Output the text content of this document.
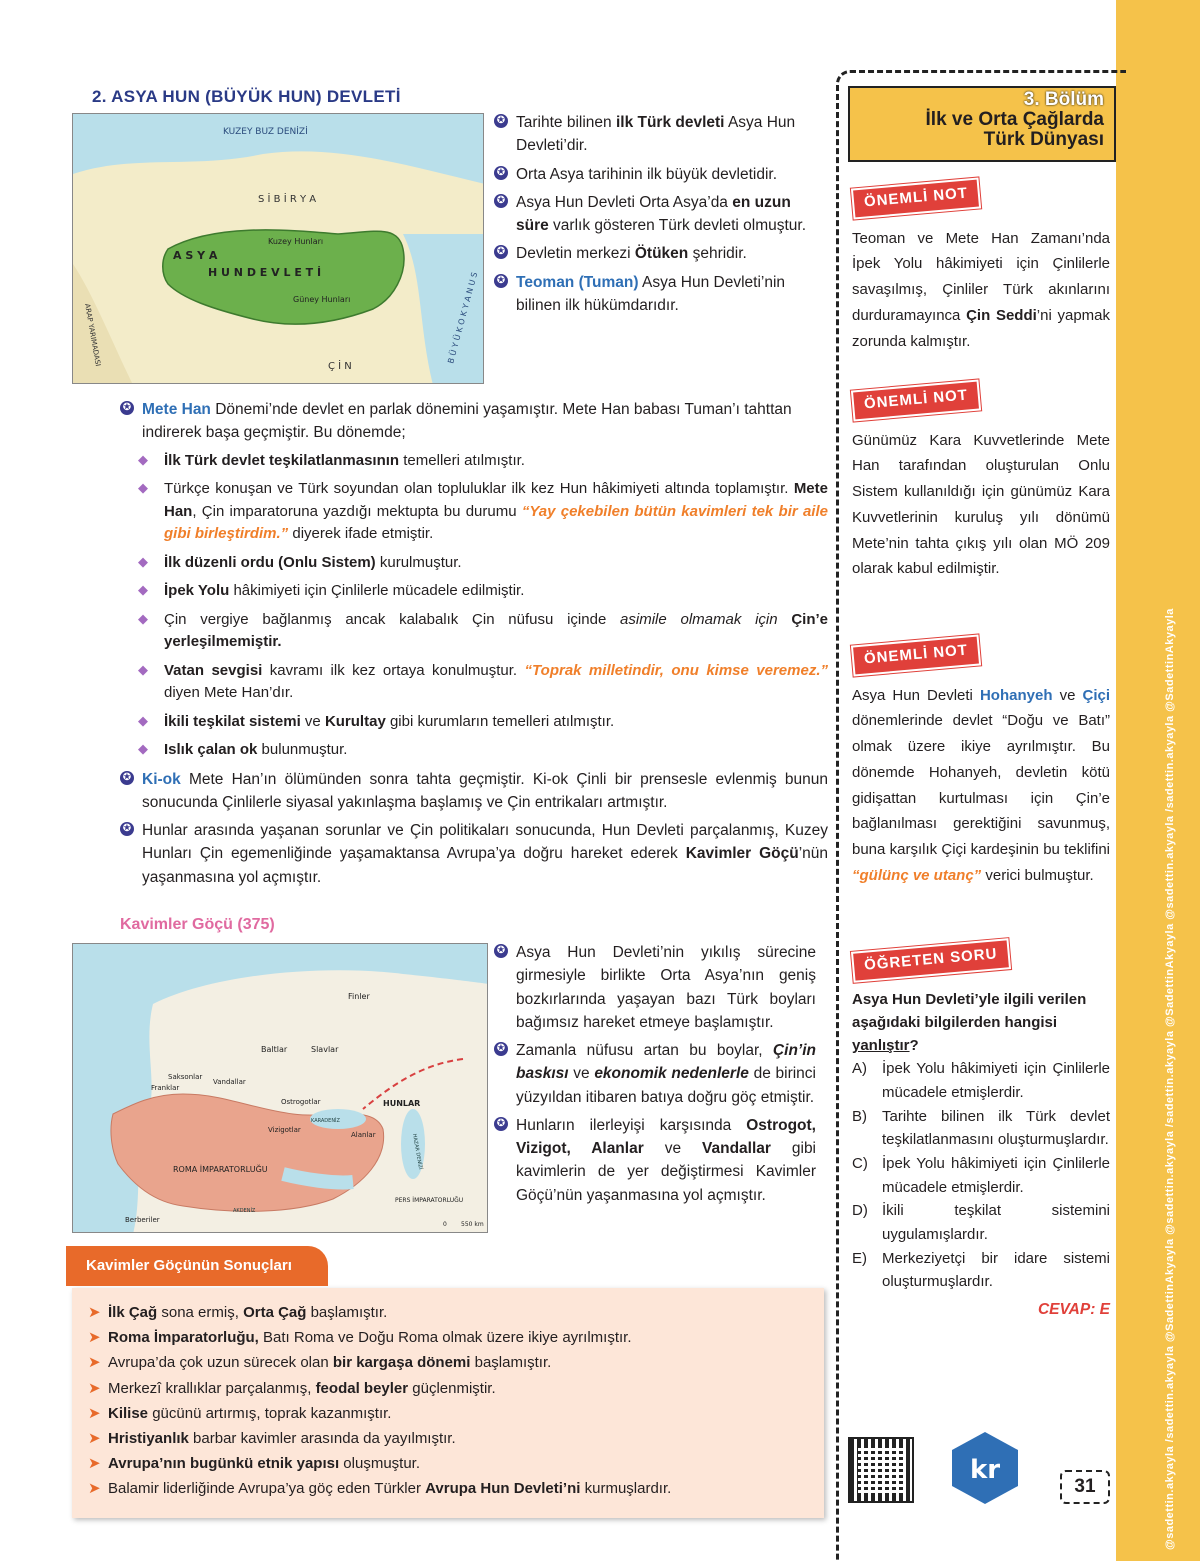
@sadettin.akyayla /sadettin.akyayla @SadettinAkyayla @sadettin.akyayla /sadettin.akyayla @SadettinAkyayla @sadettin.akyayla /sadettin.akyayla @SadettinAkyayla
2. ASYA HUN (BÜYÜK HUN) DEVLETİ
KUZEY BUZ DENİZİ
S İ B İ R Y A
A S Y A
H U N D E V L E T İ
Kuzey Hunları
Güney Hunları
Ç İ N
B Ü Y Ü K O K Y A N U S
ARAP YARIMADASI
✪ Tarihte bilinen ilk Türk devleti Asya Hun Devleti’dir.
✪ Orta Asya tarihinin ilk büyük devletidir.
✪ Asya Hun Devleti Orta Asya’da en uzun süre varlık gösteren Türk devleti olmuştur.
✪ Devletin merkezi Ötüken şehridir.
✪ Teoman (Tuman) Asya Hun Devleti’nin bilinen ilk hükümdarıdır.
✪ Mete Han Dönemi’nde devlet en parlak dönemini yaşamıştır. Mete Han babası Tuman’ı tahttan indirerek başa geçmiştir. Bu dönemde;
◆ İlk Türk devlet teşkilatlanmasının temelleri atılmıştır.
◆ Türkçe konuşan ve Türk soyundan olan topluluklar ilk kez Hun hâkimiyeti altında toplamıştır. Mete Han, Çin imparatoruna yazdığı mektupta bu durumu “Yay çekebilen bütün kavimleri tek bir aile gibi birleştirdim.” diyerek ifade etmiştir.
◆ İlk düzenli ordu (Onlu Sistem) kurulmuştur.
◆ İpek Yolu hâkimiyeti için Çinlilerle mücadele edilmiştir.
◆ Çin vergiye bağlanmış ancak kalabalık Çin nüfusu içinde asimile olmamak için Çin’e yerleşilmemiştir.
◆ Vatan sevgisi kavramı ilk kez ortaya konulmuştur. “Toprak milletindir, onu kimse veremez.” diyen Mete Han’dır.
◆ İkili teşkilat sistemi ve Kurultay gibi kurumların temelleri atılmıştır.
◆ Islık çalan ok bulunmuştur.
✪ Ki-ok Mete Han’ın ölümünden sonra tahta geçmiştir. Ki-ok Çinli bir prensesle evlenmiş bunun sonucunda Çinlilerle siyasal yakınlaşma başlamış ve Çin entrikaları artmıştır.
✪ Hunlar arasında yaşanan sorunlar ve Çin politikaları sonucunda, Hun Devleti parçalanmış, Kuzey Hunları Çin egemenliğinde yaşamaktansa Avrupa’ya doğru hareket ederek Kavimler Göçü’nün yaşanmasına yol açmıştır.
Kavimler Göçü (375)
Finler
Baltlar	Slavlar
Saksonlar
Franklar
Vandallar
Ostrogotlar	HUNLAR
Vizigotlar
Alanlar
ROMA İMPARATORLUĞU
KARADENİZ
PERS İMPARATORLUĞU
Berberiler
AKDENİZ
HAZAR DENİZİ
0 550 km
✪ Asya Hun Devleti’nin yıkılış sürecine girmesiyle birlikte Orta Asya’nın geniş bozkırlarında yaşayan bazı Türk boyları bağımsız hareket etmeye başlamıştır.
✪ Zamanla nüfusu artan bu boylar, Çin’in baskısı ve ekonomik nedenlerle de birinci yüzyıldan itibaren batıya doğru göç etmiştir.
✪ Hunların ilerleyişi karşısında Ostrogot, Vizigot, Alanlar ve Vandallar gibi kavimlerin de yer değiştirmesi Kavimler Göçü’nün yaşanmasına yol açmıştır.
Kavimler Göçünün Sonuçları
➤ İlk Çağ sona ermiş, Orta Çağ başlamıştır.
➤ Roma İmparatorluğu, Batı Roma ve Doğu Roma olmak üzere ikiye ayrılmıştır.
➤ Avrupa’da çok uzun sürecek olan bir kargaşa dönemi başlamıştır.
➤ Merkezî krallıklar parçalanmış, feodal beyler güçlenmiştir.
➤ Kilise gücünü artırmış, toprak kazanmıştır.
➤ Hristiyanlık barbar kavimler arasında da yayılmıştır.
➤ Avrupa’nın bugünkü etnik yapısı oluşmuştur.
➤ Balamir liderliğinde Avrupa’ya göç eden Türkler Avrupa Hun Devleti’ni kurmuşlardır.
3. Bölüm
İlk ve Orta Çağlarda
Türk Dünyası
ÖNEMLİ NOT
Teoman ve Mete Han Zamanı’nda İpek Yolu hâkimiyeti için Çinlilerle savaşılmış, Çinliler Türk akınlarını durduramayınca Çin Seddi’ni yapmak zorunda kalmıştır.
ÖNEMLİ NOT
Günümüz Kara Kuvvetlerinde Mete Han tarafından oluşturulan Onlu Sistem kullanıldığı için günümüz Kara Kuvvetlerinin kuruluş yılı dönümü Mete’nin tahta çıkış yılı olan MÖ 209 olarak kabul edilmiştir.
ÖNEMLİ NOT
Asya Hun Devleti Hohanyeh ve Çiçi dönemlerinde devlet “Doğu ve Batı” olmak üzere ikiye ayrılmıştır. Bu dönemde Hohanyeh, devletin kötü gidişattan kurtulması için Çin’e bağlanılması gerektiğini savunmuş, buna karşılık Çiçi kardeşinin bu teklifini “gülünç ve utanç” verici bulmuştur.
ÖĞRETEN SORU
Asya Hun Devleti’yle ilgili verilen aşağıdaki bilgilerden hangisi yanlıştır?
A) İpek Yolu hâkimiyeti için Çinlilerle mücadele etmişlerdir.
B) Tarihte bilinen ilk Türk devlet teşkilatlanmasını oluşturmuşlardır.
C) İpek Yolu hâkimiyeti için Çinlilerle mücadele etmişlerdir.
D) İkili teşkilat sistemini uygulamışlardır.
E) Merkeziyetçi bir idare sistemi oluşturmuşlardır.
CEVAP: E
kr
31
